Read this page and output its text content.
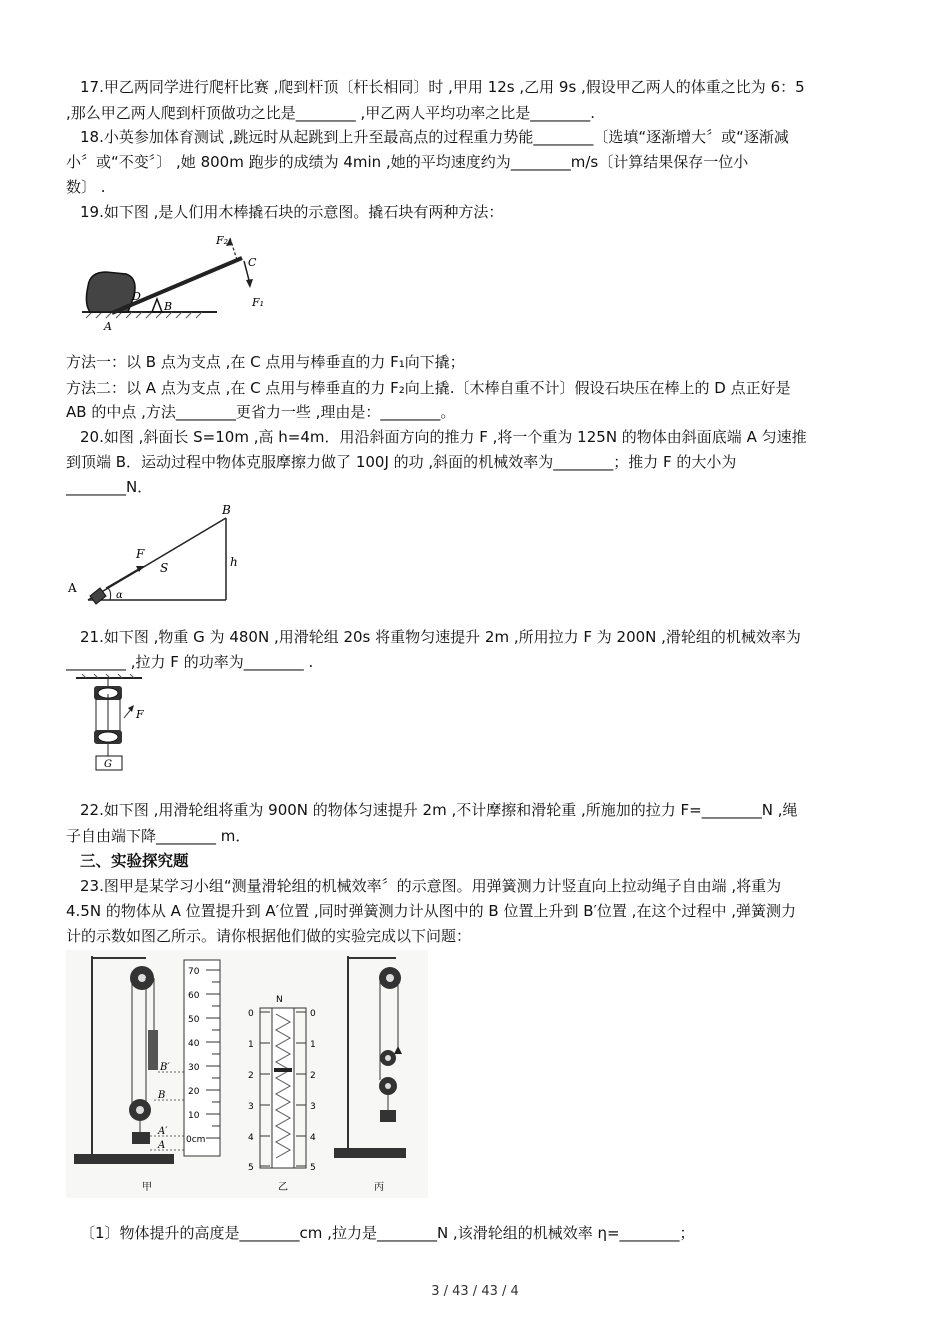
17.甲乙两同学进行爬杆比赛 ,爬到杆顶〔杆长相同〕时 ,甲用 12s ,乙用 9s ,假设甲乙两人的体重之比为 6：5
,那么甲乙两人爬到杆顶做功之比是________ ,甲乙两人平均功率之比是________.
18.小英参加体育测试 ,跳远时从起跳到上升至最高点的过程重力势能________〔选填“逐渐增大〞或“逐渐减
小〞或“不变〞〕 ,她 800m 跑步的成绩为 4min ,她的平均速度约为________m/s〔计算结果保存一位小
数〕 .
19.如下图 ,是人们用木棒撬石块的示意图。撬石块有两种方法：
F₂
C
F₁
D
B
A
方法一：以 B 点为支点 ,在 C 点用与棒垂直的力 F₁向下撬；
方法二：以 A 点为支点 ,在 C 点用与棒垂直的力 F₂向上撬.〔木棒自重不计〕假设石块压在棒上的 D 点正好是
AB 的中点 ,方法________更省力一些 ,理由是：________。
20.如图 ,斜面长 S=10m ,高 h=4m．用沿斜面方向的推力 F ,将一个重为 125N 的物体由斜面底端 A 匀速推
到顶端 B．运动过程中物体克服摩擦力做了 100J 的功 ,斜面的机械效率为________；推力 F 的大小为
________N．
B
F
S	h
A
α
21.如下图 ,物重 G 为 480N ,用滑轮组 20s 将重物匀速提升 2m ,所用拉力 F 为 200N ,滑轮组的机械效率为
________ ,拉力 F 的功率为________ .
F
G
22.如下图 ,用滑轮组将重为 900N 的物体匀速提升 2m ,不计摩擦和滑轮重 ,所施加的拉力 F=________N ,绳
子自由端下降________ m．
三、实验探究题
23.图甲是某学习小组“测量滑轮组的机械效率〞的示意图。用弹簧测力计竖直向上拉动绳子自由端 ,将重为
4.5N 的物体从 A 位置提升到 A′位置 ,同时弹簧测力计从图中的 B 位置上升到 B′位置 ,在这个过程中 ,弹簧测力
计的示数如图乙所示。请你根据他们做的实验完成以下问题：
B′
B
A′
A
70
60
50
40
30
20
10
0cm
N
0
1
2
3
4
5
0
1
2
3
4
5
甲	乙	丙
〔1〕物体提升的高度是________cm ,拉力是________N ,该滑轮组的机械效率 η=________；
3 / 43 / 43 / 4
